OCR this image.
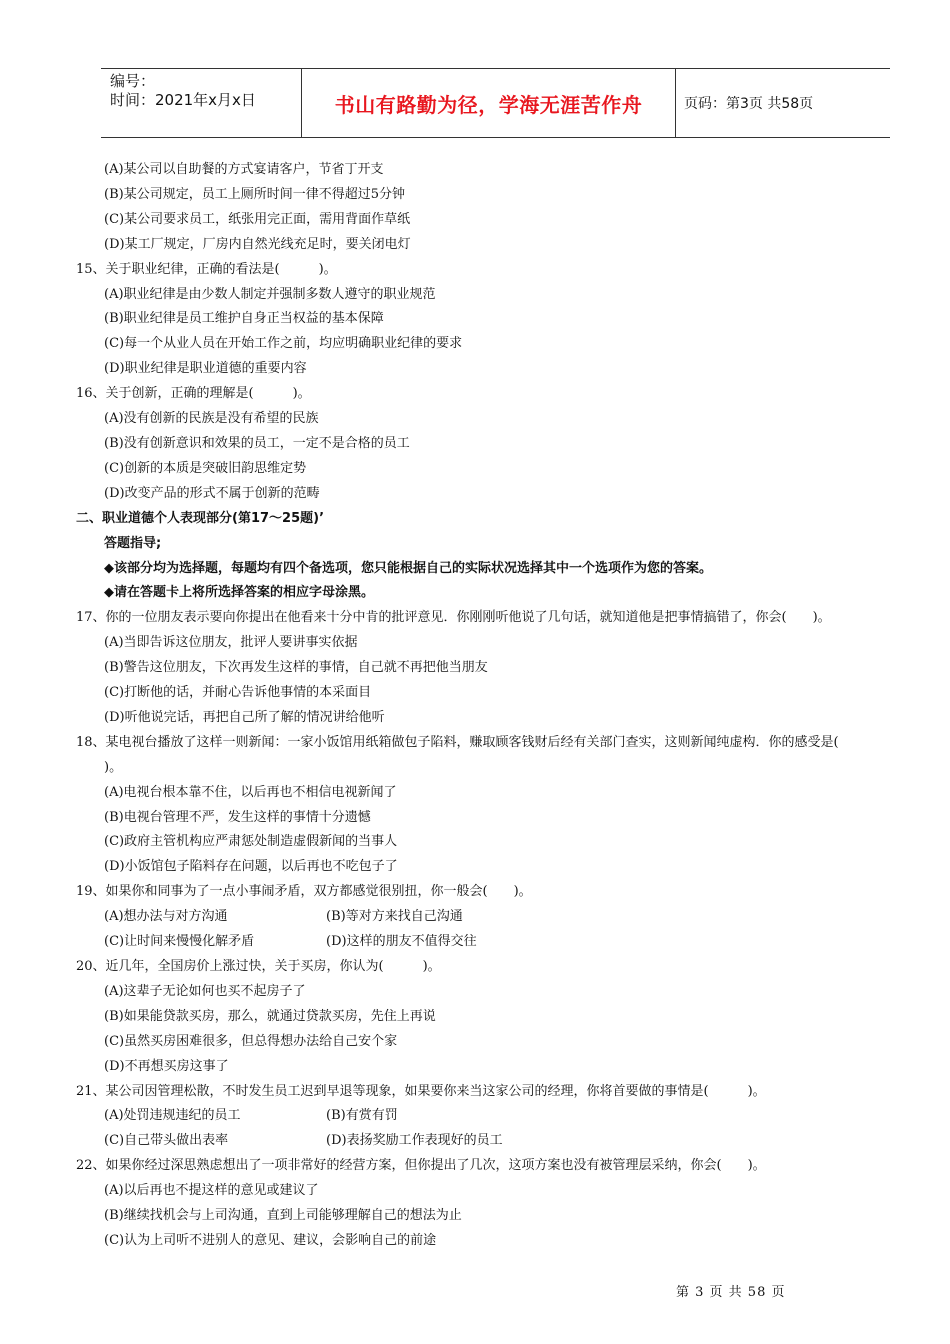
编号：
时间：2021年x月x日	书山有路勤为径，学海无涯苦作舟	页码：第3页 共58页
(A)某公司以自助餐的方式宴请客户，节省丁开支
(B)某公司规定，员工上厕所时间一律不得超过5分钟
(C)某公司要求员工，纸张用完正面，需用背面作草纸
(D)某工厂规定，厂房内自然光线充足时，要关闭电灯
15、关于职业纪律，正确的看法是(　　　)。
(A)职业纪律是由少数人制定并强制多数人遵守的职业规范
(B)职业纪律是员工维护自身正当权益的基本保障
(C)每一个从业人员在开始工作之前，均应明确职业纪律的要求
(D)职业纪律是职业道德的重要内容
16、关于创新，正确的理解是(　　　)。
(A)没有创新的民族是没有希望的民族
(B)没有创新意识和效果的员工，一定不是合格的员工
(C)创新的本质是突破旧韵思维定势
(D)改变产品的形式不属于创新的范畴
二、职业道德个人表现部分(第17～25题)’
答题指导;
◆该部分均为选择题，每题均有四个备选项，您只能根据自己的实际状况选择其中一个选项作为您的答案。
◆请在答题卡上将所选择答案的相应字母涂黑。
17、你的一位朋友表示要向你提出在他看来十分中肯的批评意见．你刚刚听他说了几句话，就知道他是把事情搞错了，你会(　　)。
(A)当即告诉这位朋友，批评人要讲事实依据
(B)警告这位朋友，下次再发生这样的事情，自己就不再把他当朋友
(C)打断他的话，并耐心告诉他事情的本采面目
(D)听他说完话，再把自己所了解的情况讲给他听
18、某电视台播放了这样一则新闻：一家小饭馆用纸箱做包子陷料，赚取顾客钱财后经有关部门查实，这则新闻纯虚构．你的感受是(
)。
(A)电视台根本靠不住，以后再也不相信电视新闻了
(B)电视台管理不严，发生这样的事情十分遗憾
(C)政府主管机构应严肃惩处制造虚假新闻的当事人
(D)小饭馆包子陷料存在问题，以后再也不吃包子了
19、如果你和同事为了一点小事闹矛盾，双方都感觉很别扭，你一般会(　　)。
(A)想办法与对方沟通	(B)等对方来找自己沟通
(C)让时间来慢慢化解矛盾	(D)这样的朋友不值得交往
20、近几年，全国房价上涨过快，关于买房，你认为(　　　)。
(A)这辈子无论如何也买不起房子了
(B)如果能贷款买房，那么，就通过贷款买房，先住上再说
(C)虽然买房困难很多，但总得想办法给自己安个家
(D)不再想买房这事了
21、某公司因管理松散，不时发生员工迟到早退等现象，如果要你来当这家公司的经理，你将首要做的事情是(　　　)。
(A)处罚违规违纪的员工	(B)有赏有罚
(C)自己带头做出表率	(D)表扬奖励工作表现好的员工
22、如果你经过深思熟虑想出了一项非常好的经营方案，但你提出了几次，这项方案也没有被管理层采纳，你会(　　)。
(A)以后再也不提这样的意见或建议了
(B)继续找机会与上司沟通，直到上司能够理解自己的想法为止
(C)认为上司听不进别人的意见、建议，会影响自己的前途
第 3 页 共 58 页
